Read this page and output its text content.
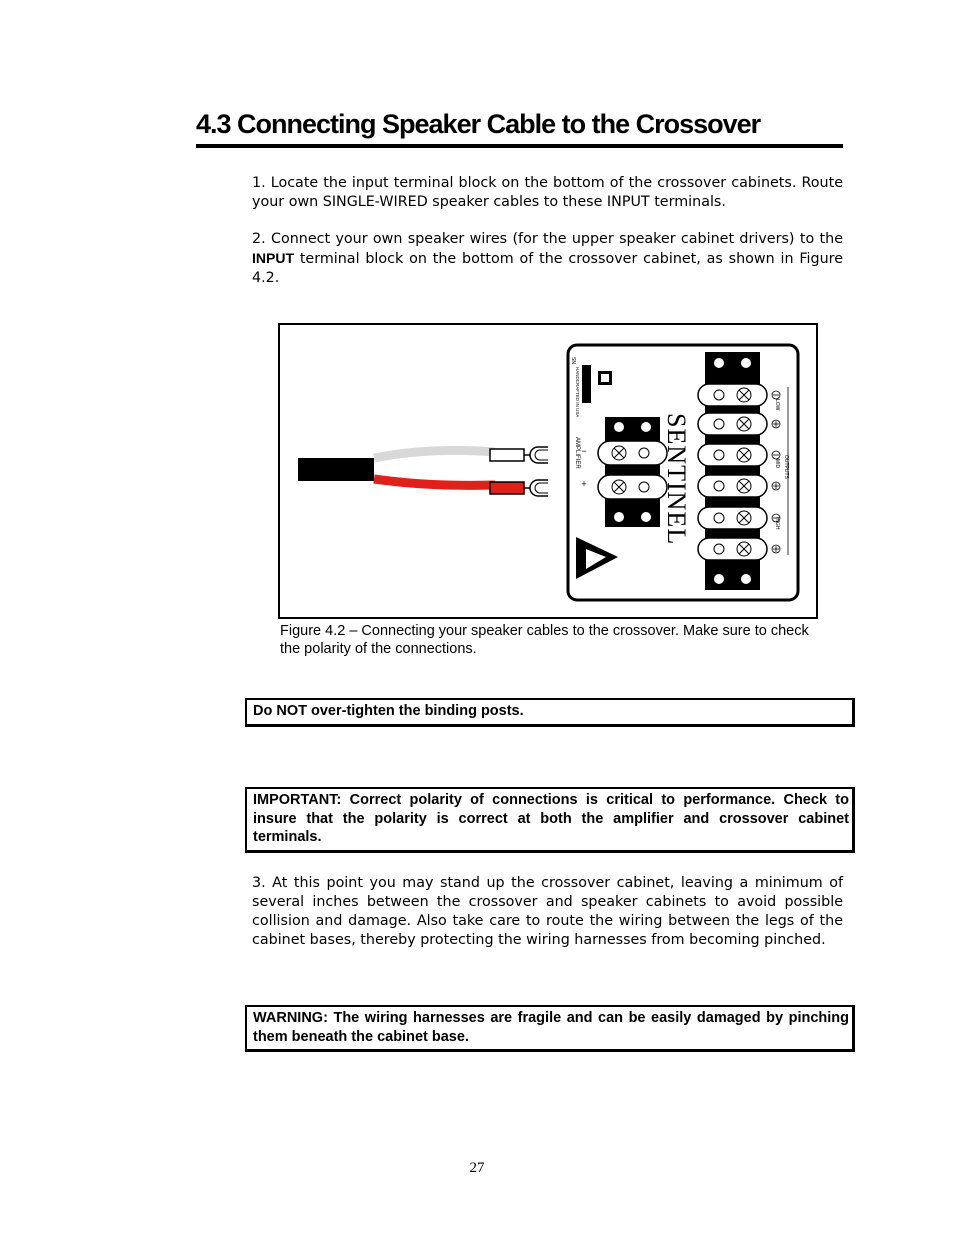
4.3 Connecting Speaker Cable to the Crossover
1. Locate the input terminal block on the bottom of the crossover cabinets. Route your own SINGLE-WIRED speaker cables to these INPUT terminals.
2. Connect your own speaker wires (for the upper speaker cabinet drivers) to the INPUT terminal block on the bottom of the crossover cabinet, as shown in Figure 4.2.
AMPLIFIER −
+
SN
HANDCRAFTED IN USA
SENTINEL
AVALON
OUTPUTS
LOW
MID
HIGH
Figure 4.2 – Connecting your speaker cables to the crossover. Make sure to check the polarity of the connections.
Do NOT over-tighten the binding posts.
IMPORTANT: Correct polarity of connections is critical to performance. Check to insure that the polarity is correct at both the amplifier and crossover cabinet terminals.
3. At this point you may stand up the crossover cabinet, leaving a minimum of several inches between the crossover and speaker cabinets to avoid possible collision and damage. Also take care to route the wiring between the legs of the cabinet bases, thereby protecting the wiring harnesses from becoming pinched.
WARNING: The wiring harnesses are fragile and can be easily damaged by pinching them beneath the cabinet base.
27
